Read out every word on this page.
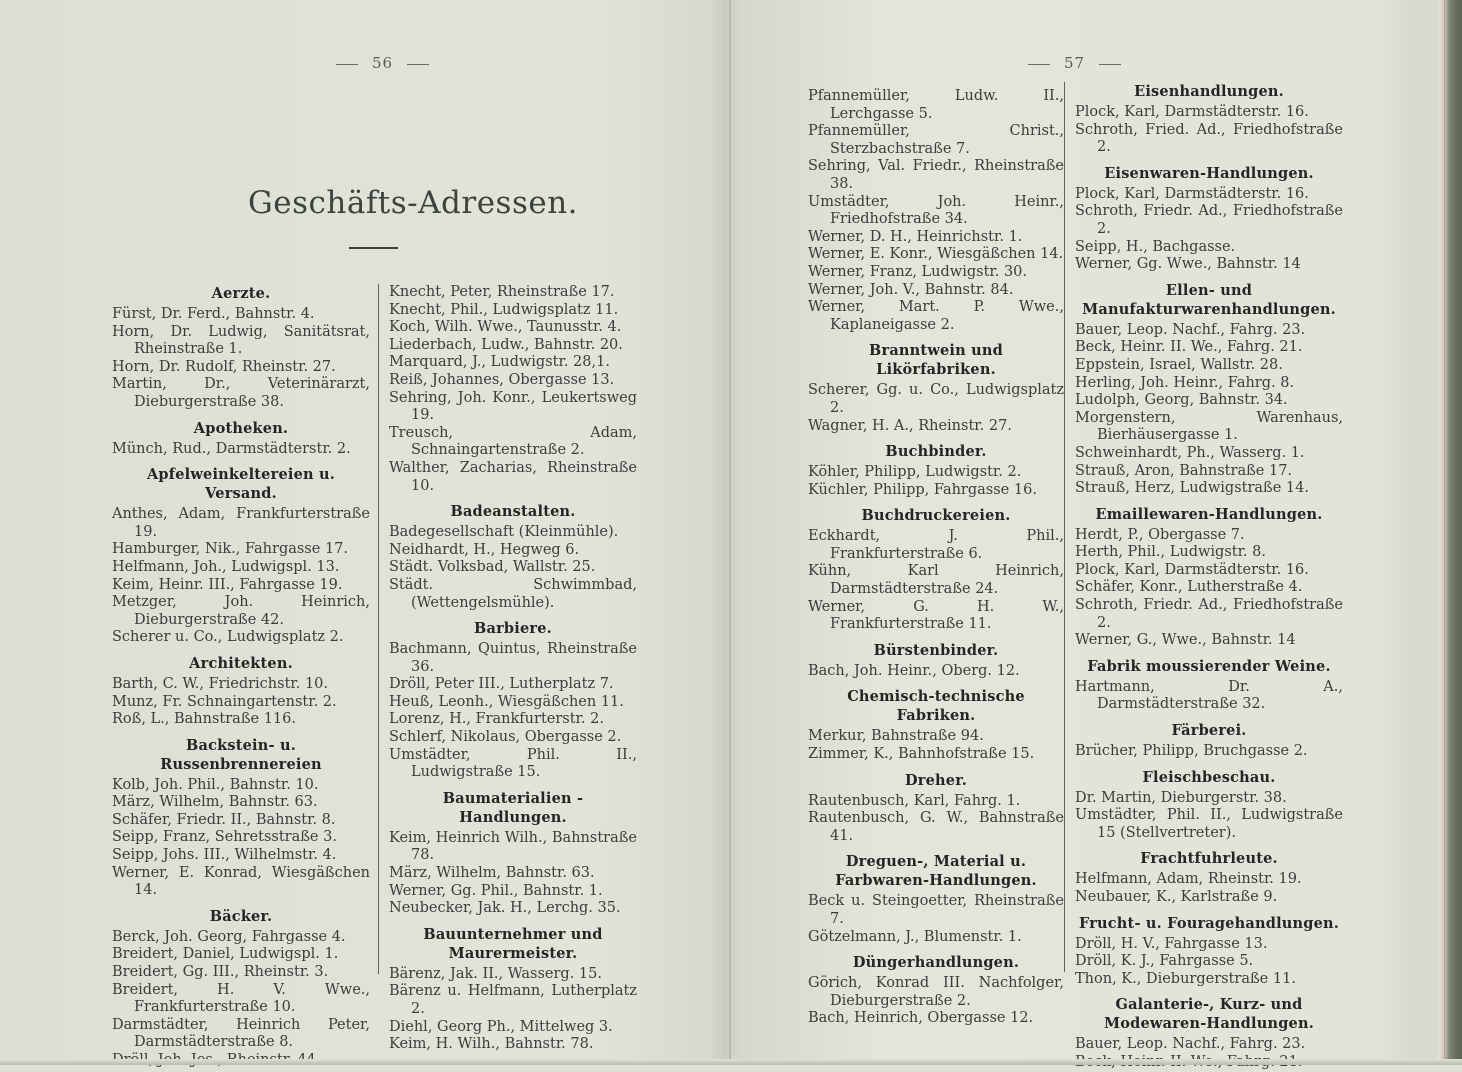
56
Geschäfts-Adressen.
Aerzte.

Fürst, Dr. Ferd., Bahnstr. 4.

Horn, Dr. Ludwig, Sanitätsrat, Rheinstraße 1.

Horn, Dr. Rudolf, Rheinstr. 27.

Martin, Dr., Veterinärarzt, Dieburgerstraße 38.

Apotheken.

Münch, Rud., Darmstädterstr. 2.

Apfelweinkeltereien u. Versand.

Anthes, Adam, Frankfurterstraße 19.

Hamburger, Nik., Fahrgasse 17.

Helfmann, Joh., Ludwigspl. 13.

Keim, Heinr. III., Fahrgasse 19.

Metzger, Joh. Heinrich, Dieburgerstraße 42.

Scherer u. Co., Ludwigsplatz 2.

Architekten.

Barth, C. W., Friedrichstr. 10.

Munz, Fr. Schnaingartenstr. 2.

Roß, L., Bahnstraße 116.

Backstein- u. Russenbrennereien

Kolb, Joh. Phil., Bahnstr. 10.

März, Wilhelm, Bahnstr. 63.

Schäfer, Friedr. II., Bahnstr. 8.

Seipp, Franz, Sehretsstraße 3.

Seipp, Johs. III., Wilhelmstr. 4.

Werner, E. Konrad, Wiesgäßchen 14.

Bäcker.

Berck, Joh. Georg, Fahrgasse 4.

Breidert, Daniel, Ludwigspl. 1.

Breidert, Gg. III., Rheinstr. 3.

Breidert, H. V. Wwe., Frankfurterstraße 10.

Darmstädter, Heinrich Peter, Darmstädterstraße 8.

Knecht, Peter, Rheinstraße 17.

Knecht, Phil., Ludwigsplatz 11.

Koch, Wilh. Wwe., Taunusstr. 4.

Liederbach, Ludw., Bahnstr. 20.

Marquard, J., Ludwigstr. 28,1.

Reiß, Johannes, Obergasse 13.

Sehring, Joh. Konr., Leukertsweg 19.

Treusch, Adam, Schnaingartenstraße 2.

Walther, Zacharias, Rheinstraße 10.

Badeanstalten.

Badegesellschaft (Kleinmühle).

Neidhardt, H., Hegweg 6.

Städt. Volksbad, Wallstr. 25.

Städt. Schwimmbad, (Wettengelsmühle).

Barbiere.

Bachmann, Quintus, Rheinstraße 36.

Dröll, Peter III., Lutherplatz 7.

Heuß, Leonh., Wiesgäßchen 11.

Lorenz, H., Frankfurterstr. 2.

Schlerf, Nikolaus, Obergasse 2.

Umstädter, Phil. II., Ludwigstraße 15.

Baumaterialien - Handlungen.

Keim, Heinrich Wilh., Bahnstraße 78.

März, Wilhelm, Bahnstr. 63.

Werner, Gg. Phil., Bahnstr. 1.

Neubecker, Jak. H., Lerchg. 35.

Bauunternehmer und Maurermeister.

Bärenz, Jak. II., Wasserg. 15.

Bärenz u. Helfmann, Lutherplatz 2.

Diehl, Georg Ph., Mittelweg 3.

Keim, H. Wilh., Bahnstr. 78.

57

Pfannemüller, Ludw. II., Lerchgasse 5.

Pfannemüller, Christ., Sterzbachstraße 7.

Sehring, Val. Friedr., Rheinstraße 38.

Umstädter, Joh. Heinr., Friedhofstraße 34.

Werner, D. H., Heinrichstr. 1.

Werner, E. Konr., Wiesgäßchen 14.

Werner, Franz, Ludwigstr. 30.

Werner, Joh. V., Bahnstr. 84.

Werner, Mart. P. Wwe., Kaplaneigasse 2.

Branntwein und Likörfabriken.

Scherer, Gg. u. Co., Ludwigsplatz 2.

Wagner, H. A., Rheinstr. 27.

Buchbinder.

Köhler, Philipp, Ludwigstr. 2.

Küchler, Philipp, Fahrgasse 16.

Buchdruckereien.

Eckhardt, J. Phil., Frankfurterstraße 6.

Kühn, Karl Heinrich, Darmstädterstraße 24.

Werner, G. H. W., Frankfurterstraße 11.

Bürstenbinder.

Bach, Joh. Heinr., Oberg. 12.

Chemisch-technische Fabriken.

Merkur, Bahnstraße 94.

Zimmer, K., Bahnhofstraße 15.

Dreher.

Rautenbusch, Karl, Fahrg. 1.

Rautenbusch, G. W., Bahnstraße 41.

Dreguen-, Material u. Farbwaren-Handlungen.

Beck u. Steingoetter, Rheinstraße 7.

Götzelmann, J., Blumenstr. 1.

Düngerhandlungen.

Görich, Konrad III. Nachfolger, Dieburgerstraße 2.

Bach, Heinrich, Obergasse 12.

Eisenhandlungen.

Plock, Karl, Darmstädterstr. 16.

Schroth, Fried. Ad., Friedhofstraße 2.

Eisenwaren-Handlungen.

Plock, Karl, Darmstädterstr. 16.

Schroth, Friedr. Ad., Friedhofstraße 2.

Seipp, H., Bachgasse.

Werner, Gg. Wwe., Bahnstr. 14

Ellen- und Manufakturwarenhandlungen.

Bauer, Leop. Nachf., Fahrg. 23.

Beck, Heinr. II. We., Fahrg. 21.

Eppstein, Israel, Wallstr. 28.

Herling, Joh. Heinr., Fahrg. 8.

Ludolph, Georg, Bahnstr. 34.

Morgenstern, Warenhaus, Bierhäusergasse 1.

Schweinhardt, Ph., Wasserg. 1.

Strauß, Aron, Bahnstraße 17.

Strauß, Herz, Ludwigstraße 14.

Emaillewaren-Handlungen.

Herdt, P., Obergasse 7.

Herth, Phil., Ludwigstr. 8.

Plock, Karl, Darmstädterstr. 16.

Schäfer, Konr., Lutherstraße 4.

Schroth, Friedr. Ad., Friedhofstraße 2.

Werner, G., Wwe., Bahnstr. 14

Fabrik moussierender Weine.

Hartmann, Dr. A., Darmstädterstraße 32.

Färberei.

Brücher, Philipp, Bruchgasse 2.

Fleischbeschau.

Dr. Martin, Dieburgerstr. 38.

Umstädter, Phil. II., Ludwigstraße 15 (Stellvertreter).

Frachtfuhrleute.

Helfmann, Adam, Rheinstr. 19.

Neubauer, K., Karlstraße 9.

Frucht- u. Fouragehandlungen.

Dröll, H. V., Fahrgasse 13.

Dröll, K. J., Fahrgasse 5.

Thon, K., Dieburgerstraße 11.

Galanterie-, Kurz- und Modewaren-Handlungen.

Bauer, Leop. Nachf., Fahrg. 23.
